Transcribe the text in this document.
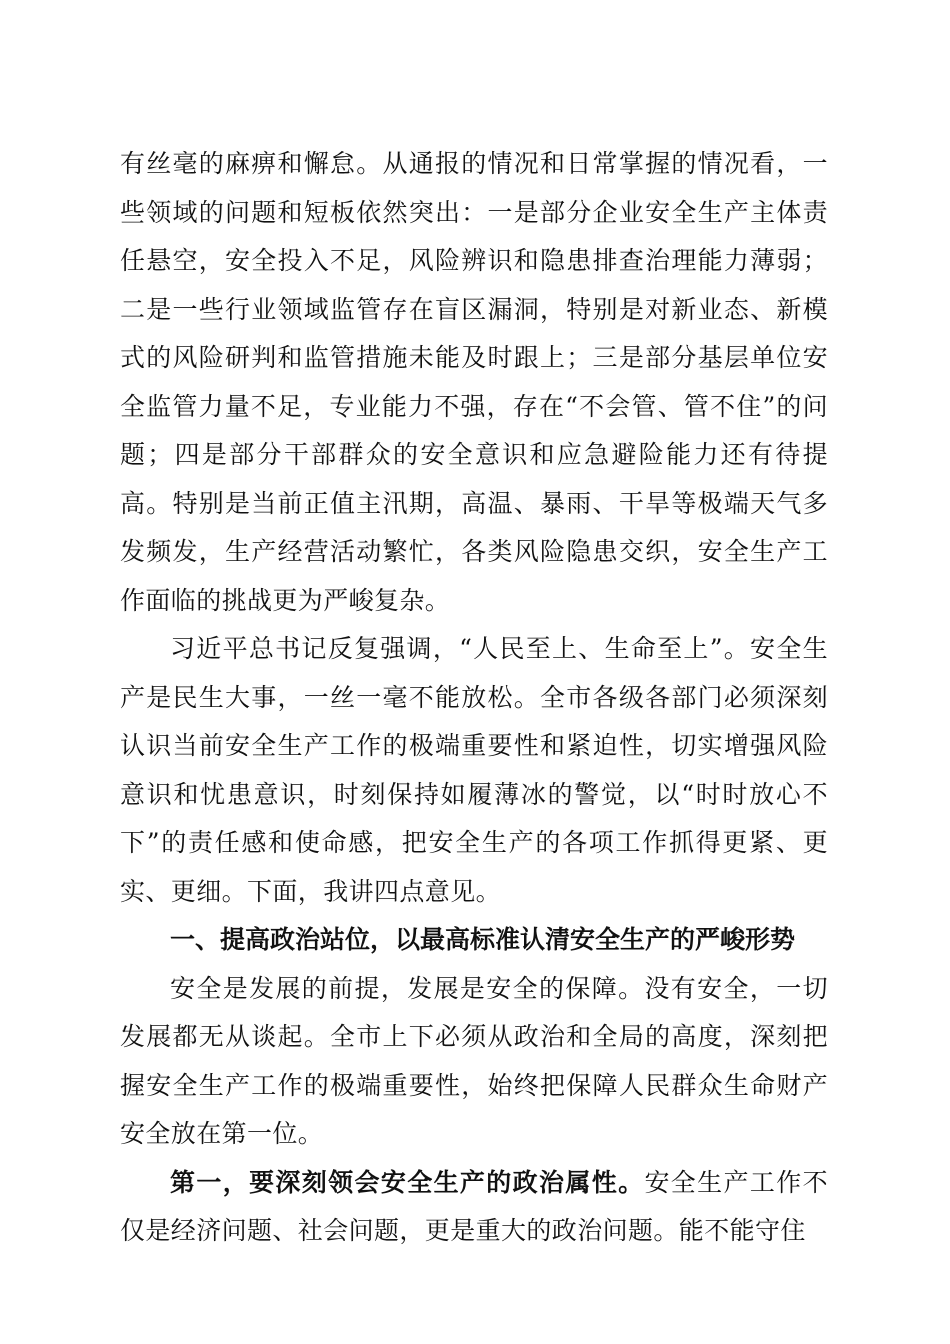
有丝毫的麻痹和懈怠。从通报的情况和日常掌握的情况看，一些领域的问题和短板依然突出：一是部分企业安全生产主体责任悬空，安全投入不足，风险辨识和隐患排查治理能力薄弱；二是一些行业领域监管存在盲区漏洞，特别是对新业态、新模式的风险研判和监管措施未能及时跟上；三是部分基层单位安全监管力量不足，专业能力不强，存在“不会管、管不住”的问题；四是部分干部群众的安全意识和应急避险能力还有待提高。特别是当前正值主汛期，高温、暴雨、干旱等极端天气多发频发，生产经营活动繁忙，各类风险隐患交织，安全生产工作面临的挑战更为严峻复杂。

习近平总书记反复强调，“人民至上、生命至上”。安全生产是民生大事，一丝一毫不能放松。全市各级各部门必须深刻认识当前安全生产工作的极端重要性和紧迫性，切实增强风险意识和忧患意识，时刻保持如履薄冰的警觉，以“时时放心不下”的责任感和使命感，把安全生产的各项工作抓得更紧、更实、更细。下面，我讲四点意见。

一、提高政治站位，以最高标准认清安全生产的严峻形势

安全是发展的前提，发展是安全的保障。没有安全，一切发展都无从谈起。全市上下必须从政治和全局的高度，深刻把握安全生产工作的极端重要性，始终把保障人民群众生命财产安全放在第一位。

第一，要深刻领会安全生产的政治属性。安全生产工作不仅是经济问题、社会问题，更是重大的政治问题。能不能守住
